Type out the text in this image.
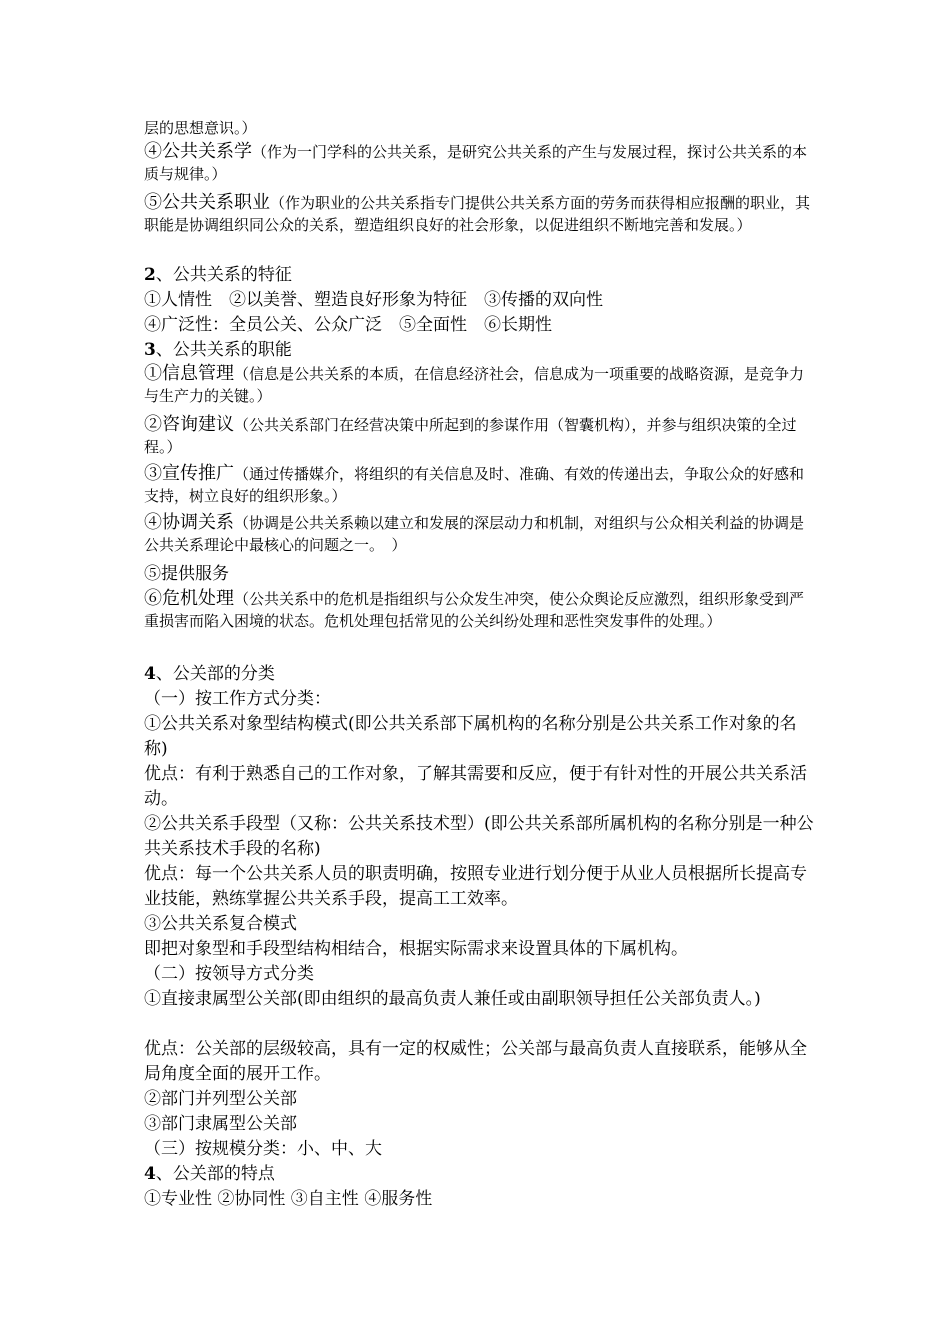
层的思想意识。）
④公共关系学（作为一门学科的公共关系，是研究公共关系的产生与发展过程，探讨公共关系的本质与规律。）
⑤公共关系职业（作为职业的公共关系指专门提供公共关系方面的劳务而获得相应报酬的职业，其职能是协调组织同公众的关系，塑造组织良好的社会形象，以促进组织不断地完善和发展。）
2、公共关系的特征
①人情性　②以美誉、塑造良好形象为特征　③传播的双向性
④广泛性：全员公关、公众广泛　⑤全面性　⑥长期性
3、公共关系的职能
①信息管理（信息是公共关系的本质，在信息经济社会，信息成为一项重要的战略资源，是竞争力与生产力的关键。）
②咨询建议（公共关系部门在经营决策中所起到的参谋作用（智囊机构），并参与组织决策的全过程。）
③宣传推广（通过传播媒介，将组织的有关信息及时、准确、有效的传递出去，争取公众的好感和支持，树立良好的组织形象。）
④协调关系（协调是公共关系赖以建立和发展的深层动力和机制，对组织与公众相关利益的协调是公共关系理论中最核心的问题之一。　）
⑤提供服务
⑥危机处理（公共关系中的危机是指组织与公众发生冲突，使公众舆论反应激烈，组织形象受到严重损害而陷入困境的状态。危机处理包括常见的公关纠纷处理和恶性突发事件的处理。）
4、公关部的分类
（一）按工作方式分类：
①公共关系对象型结构模式(即公共关系部下属机构的名称分别是公共关系工作对象的名称)
优点：有利于熟悉自己的工作对象，了解其需要和反应，便于有针对性的开展公共关系活动。
②公共关系手段型（又称：公共关系技术型）(即公共关系部所属机构的名称分别是一种公共关系技术手段的名称)
优点：每一个公共关系人员的职责明确，按照专业进行划分便于从业人员根据所长提高专业技能，熟练掌握公共关系手段，提高工工效率。
③公共关系复合模式
即把对象型和手段型结构相结合，根据实际需求来设置具体的下属机构。
（二）按领导方式分类
①直接隶属型公关部(即由组织的最高负责人兼任或由副职领导担任公关部负责人。)
优点：公关部的层级较高，具有一定的权威性；公关部与最高负责人直接联系，能够从全局角度全面的展开工作。
②部门并列型公关部
③部门隶属型公关部
（三）按规模分类：小、中、大
4、公关部的特点
①专业性 ②协同性 ③自主性 ④服务性
